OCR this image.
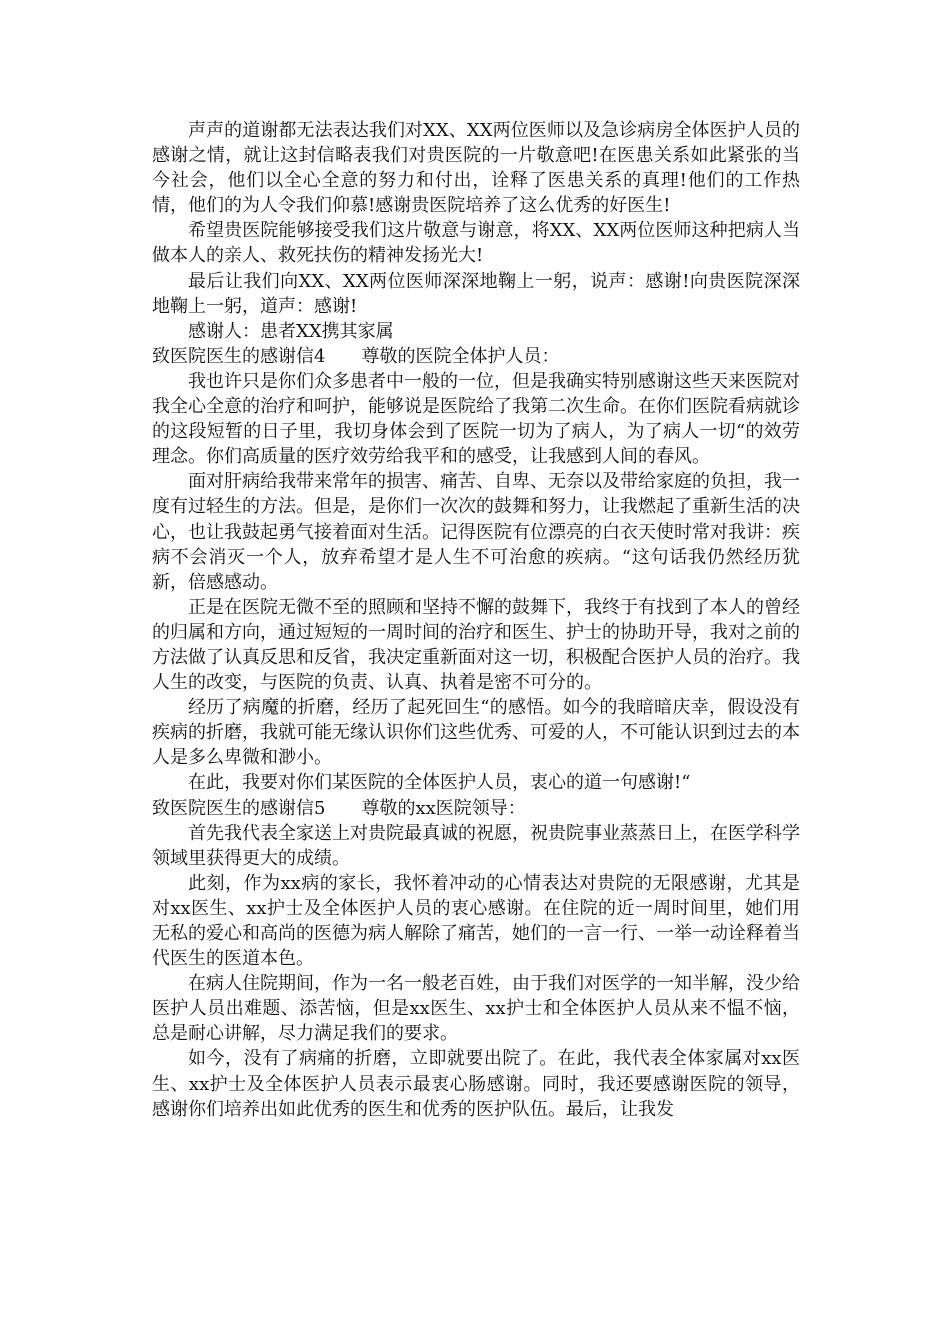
声声的道谢都无法表达我们对XX、XX两位医师以及急诊病房全体医护人员的感谢之情，就让这封信略表我们对贵医院的一片敬意吧!在医患关系如此紧张的当今社会，他们以全心全意的努力和付出，诠释了医患关系的真理!他们的工作热情，他们的为人令我们仰慕!感谢贵医院培养了这么优秀的好医生!

希望贵医院能够接受我们这片敬意与谢意，将XX、XX两位医师这种把病人当做本人的亲人、救死扶伤的精神发扬光大!

最后让我们向XX、XX两位医师深深地鞠上一躬，说声：感谢!向贵医院深深地鞠上一躬，道声：感谢!

感谢人：患者XX携其家属

致医院医生的感谢信4 尊敬的医院全体护人员：

我也许只是你们众多患者中一般的一位，但是我确实特别感谢这些天来医院对我全心全意的治疗和呵护，能够说是医院给了我第二次生命。在你们医院看病就诊的这段短暂的日子里，我切身体会到了医院一切为了病人，为了病人一切“的效劳理念。你们高质量的医疗效劳给我平和的感受，让我感到人间的春风。

面对肝病给我带来常年的损害、痛苦、自卑、无奈以及带给家庭的负担，我一度有过轻生的方法。但是，是你们一次次的鼓舞和努力，让我燃起了重新生活的决心，也让我鼓起勇气接着面对生活。记得医院有位漂亮的白衣天使时常对我讲：疾病不会消灭一个人，放弃希望才是人生不可治愈的疾病。“这句话我仍然经历犹新，倍感感动。

正是在医院无微不至的照顾和坚持不懈的鼓舞下，我终于有找到了本人的曾经的归属和方向，通过短短的一周时间的治疗和医生、护士的协助开导，我对之前的方法做了认真反思和反省，我决定重新面对这一切，积极配合医护人员的治疗。我人生的改变，与医院的负责、认真、执着是密不可分的。

经历了病魔的折磨，经历了起死回生“的感悟。如今的我暗暗庆幸，假设没有疾病的折磨，我就可能无缘认识你们这些优秀、可爱的人，不可能认识到过去的本人是多么卑微和渺小。

在此，我要对你们某医院的全体医护人员，衷心的道一句感谢!“

致医院医生的感谢信5 尊敬的xx医院领导：

首先我代表全家送上对贵院最真诚的祝愿，祝贵院事业蒸蒸日上，在医学科学领域里获得更大的成绩。

此刻，作为xx病的家长，我怀着冲动的心情表达对贵院的无限感谢，尤其是对xx医生、xx护士及全体医护人员的衷心感谢。在住院的近一周时间里，她们用无私的爱心和高尚的医德为病人解除了痛苦，她们的一言一行、一举一动诠释着当代医生的医道本色。

在病人住院期间，作为一名一般老百姓，由于我们对医学的一知半解，没少给医护人员出难题、添苦恼，但是xx医生、xx护士和全体医护人员从来不愠不恼，总是耐心讲解，尽力满足我们的要求。

如今，没有了病痛的折磨，立即就要出院了。在此，我代表全体家属对xx医生、xx护士及全体医护人员表示最衷心肠感谢。同时，我还要感谢医院的领导，感谢你们培养出如此优秀的医生和优秀的医护队伍。最后，让我发
